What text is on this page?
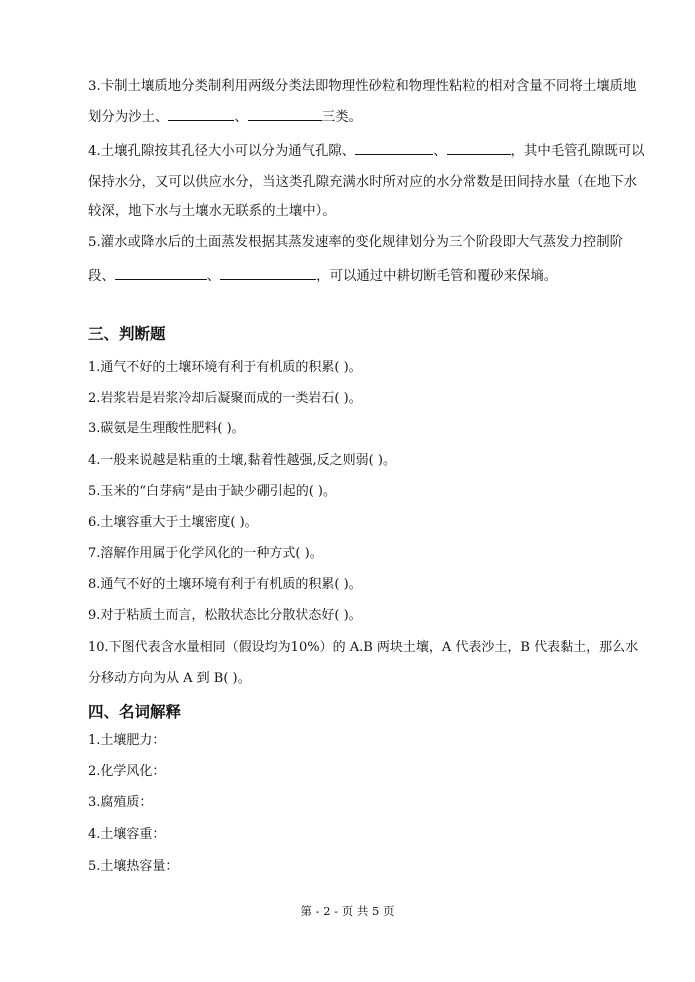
3.卡制土壤质地分类制利用两级分类法即物理性砂粒和物理性粘粒的相对含量不同将土壤质地
划分为沙土、	、	三类。
4.土壤孔隙按其孔径大小可以分为通气孔隙、	、	，其中毛管孔隙既可以
保持水分，又可以供应水分，当这类孔隙充满水时所对应的水分常数是田间持水量（在地下水
较深，地下水与土壤水无联系的土壤中）。
5.灌水或降水后的土面蒸发根据其蒸发速率的变化规律划分为三个阶段即大气蒸发力控制阶
段、	、	，可以通过中耕切断毛管和覆砂来保墒。
三、判断题
1.通气不好的土壤环境有利于有机质的积累( )。
2.岩浆岩是岩浆冷却后凝聚而成的一类岩石( )。
3.碳氨是生理酸性肥料( )。
4.一般来说越是粘重的土壤,黏着性越强,反之则弱( )。
5.玉米的“白芽病”是由于缺少硼引起的( )。
6.土壤容重大于土壤密度( )。
7.溶解作用属于化学风化的一种方式( )。
8.通气不好的土壤环境有利于有机质的积累( )。
9.对于粘质土而言，松散状态比分散状态好( )。
10.下图代表含水量相同（假设均为10%）的 A.B 两块土壤，A 代表沙土，B 代表黏土，那么水
分移动方向为从 A 到 B( )。
四、名词解释
1.土壤肥力：
2.化学风化：
3.腐殖质：
4.土壤容重：
5.土壤热容量：
第 - 2 - 页 共 5 页
